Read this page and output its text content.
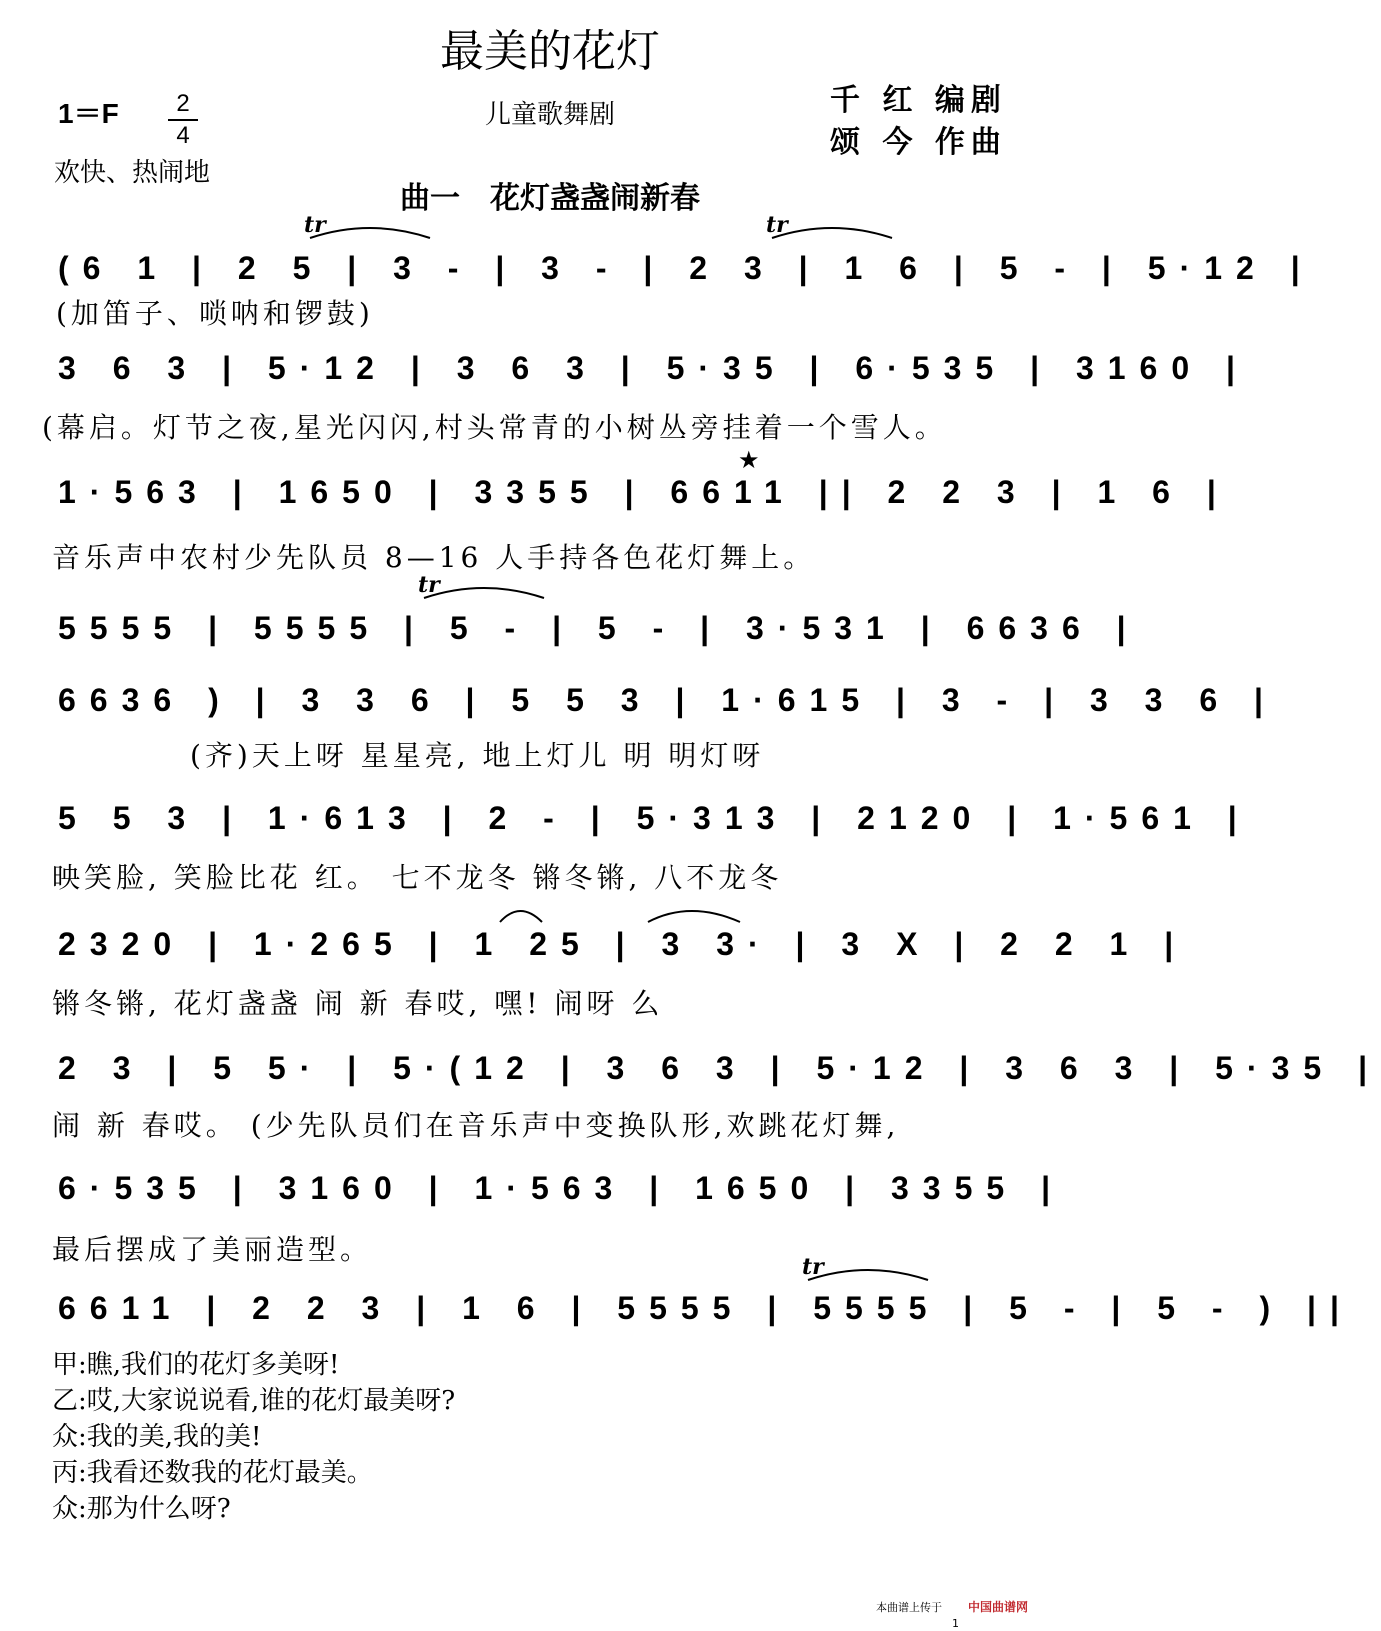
最美的花灯
儿童歌舞剧
1＝F	2
4
欢快、热闹地
千 红 编剧
颂 今 作曲
曲一　花灯盏盏闹新春
(6 1 | 2 5 | 3 - | 3 - | 2 3 | 1 6 | 5 - | 5·12 |
(加笛子、唢呐和锣鼓)
3 6 3 | 5·12 | 3 6 3 | 5·35 | 6·535 | 3160 |
(幕启。灯节之夜,星光闪闪,村头常青的小树丛旁挂着一个雪人。
1·563 | 1650 | 3355 | 6611 || 2 2 3 | 1 6 |
音乐声中农村少先队员 8—16 人手持各色花灯舞上。
5555 | 5555 | 5 - | 5 - | 3·531 | 6636 |
6636 ) | 3 3 6 | 5 5 3 | 1·615 | 3 - | 3 3 6 |
(齐)天上呀 星星亮, 地上灯儿 明 明灯呀
5 5 3 | 1·613 | 2 - | 5·313 | 2120 | 1·561 |
映笑脸, 笑脸比花 红。 七不龙冬 锵冬锵, 八不龙冬
2320 | 1·265 | 1 25 | 3 3· | 3 X | 2 2 1 |
锵冬锵, 花灯盏盏 闹 新 春哎, 嘿! 闹呀 么
2 3 | 5 5· | 5·(12 | 3 6 3 | 5·12 | 3 6 3 | 5·35 |
闹 新 春哎。 (少先队员们在音乐声中变换队形,欢跳花灯舞,
6·535 | 3160 | 1·563 | 1650 | 3355 |
最后摆成了美丽造型。
6611 | 2 2 3 | 1 6 | 5555 | 5555 | 5 - | 5 - ) ||
tr	tr
tr
tr
★
甲:瞧,我们的花灯多美呀!
乙:哎,大家说说看,谁的花灯最美呀?
众:我的美,我的美!
丙:我看还数我的花灯最美。
众:那为什么呀?
本曲谱上传于 中国曲谱网
1
